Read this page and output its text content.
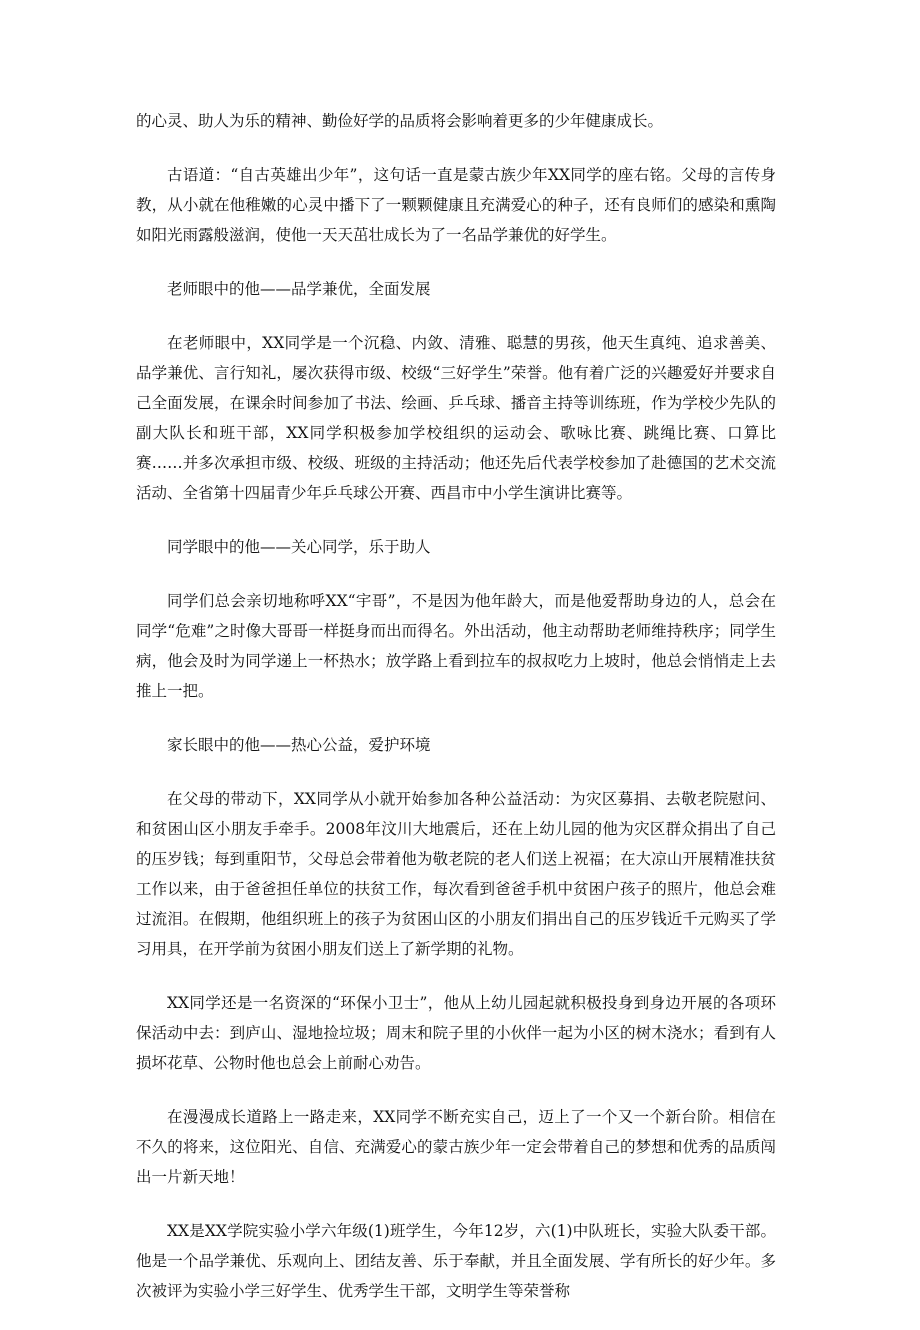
的心灵、助人为乐的精神、勤俭好学的品质将会影响着更多的少年健康成长。

古语道：“自古英雄出少年”，这句话一直是蒙古族少年XX同学的座右铭。父母的言传身教，从小就在他稚嫩的心灵中播下了一颗颗健康且充满爱心的种子，还有良师们的感染和熏陶如阳光雨露般滋润，使他一天天茁壮成长为了一名品学兼优的好学生。

老师眼中的他——品学兼优，全面发展

在老师眼中，XX同学是一个沉稳、内敛、清雅、聪慧的男孩，他天生真纯、追求善美、品学兼优、言行知礼，屡次获得市级、校级“三好学生”荣誉。他有着广泛的兴趣爱好并要求自己全面发展，在课余时间参加了书法、绘画、乒乓球、播音主持等训练班，作为学校少先队的副大队长和班干部，XX同学积极参加学校组织的运动会、歌咏比赛、跳绳比赛、口算比赛……并多次承担市级、校级、班级的主持活动；他还先后代表学校参加了赴德国的艺术交流活动、全省第十四届青少年乒乓球公开赛、西昌市中小学生演讲比赛等。

同学眼中的他——关心同学，乐于助人

同学们总会亲切地称呼XX“宇哥”，不是因为他年龄大，而是他爱帮助身边的人，总会在同学“危难”之时像大哥哥一样挺身而出而得名。外出活动，他主动帮助老师维持秩序；同学生病，他会及时为同学递上一杯热水；放学路上看到拉车的叔叔吃力上坡时，他总会悄悄走上去推上一把。

家长眼中的他——热心公益，爱护环境

在父母的带动下，XX同学从小就开始参加各种公益活动：为灾区募捐、去敬老院慰问、和贫困山区小朋友手牵手。2008年汶川大地震后，还在上幼儿园的他为灾区群众捐出了自己的压岁钱；每到重阳节，父母总会带着他为敬老院的老人们送上祝福；在大凉山开展精准扶贫工作以来，由于爸爸担任单位的扶贫工作，每次看到爸爸手机中贫困户孩子的照片，他总会难过流泪。在假期，他组织班上的孩子为贫困山区的小朋友们捐出自己的压岁钱近千元购买了学习用具，在开学前为贫困小朋友们送上了新学期的礼物。

XX同学还是一名资深的“环保小卫士”，他从上幼儿园起就积极投身到身边开展的各项环保活动中去：到庐山、湿地捡垃圾；周末和院子里的小伙伴一起为小区的树木浇水；看到有人损坏花草、公物时他也总会上前耐心劝告。

在漫漫成长道路上一路走来，XX同学不断充实自己，迈上了一个又一个新台阶。相信在不久的将来，这位阳光、自信、充满爱心的蒙古族少年一定会带着自己的梦想和优秀的品质闯出一片新天地！

XX是XX学院实验小学六年级(1)班学生，今年12岁，六(1)中队班长，实验大队委干部。他是一个品学兼优、乐观向上、团结友善、乐于奉献，并且全面发展、学有所长的好少年。多次被评为实验小学三好学生、优秀学生干部，文明学生等荣誉称
